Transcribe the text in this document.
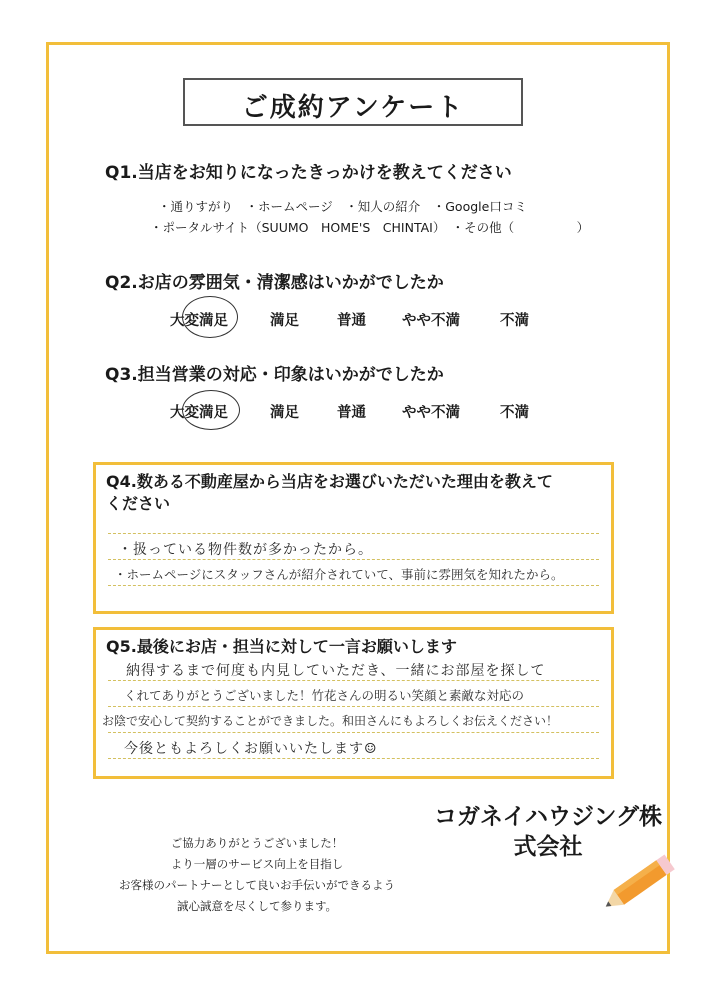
ご成約アンケート
Q1.当店をお知りになったきっかけを教えてください
・通りすがり　・ホームページ　・知人の紹介　・Google口コミ
・ポータルサイト（SUUMO　HOME'S　CHINTAI）　・その他（　　　　　）
Q2.お店の雰囲気・清潔感はいかがでしたか
大変満足	満足	普通 やや不満	不満
Q3.担当営業の対応・印象はいかがでしたか
大変満足	満足	普通 やや不満	不満
Q4.数ある不動産屋から当店をお選びいただいた理由を教えて
ください
・扱っている物件数が多かったから。
・ホームページにスタッフさんが紹介されていて、事前に雰囲気を知れたから。
Q5.最後にお店・担当に対して一言お願いします
納得するまで何度も内見していただき、一緒にお部屋を探して
くれてありがとうございました！竹花さんの明るい笑顔と素敵な対応の
お陰で安心して契約することができました。和田さんにもよろしくお伝えください！
今後ともよろしくお願いいたします☺
ご協力ありがとうございました！
より一層のサービス向上を目指し
お客様のパートナーとして良いお手伝いができるよう
誠心誠意を尽くして参ります。
コガネイハウジング株
式会社
